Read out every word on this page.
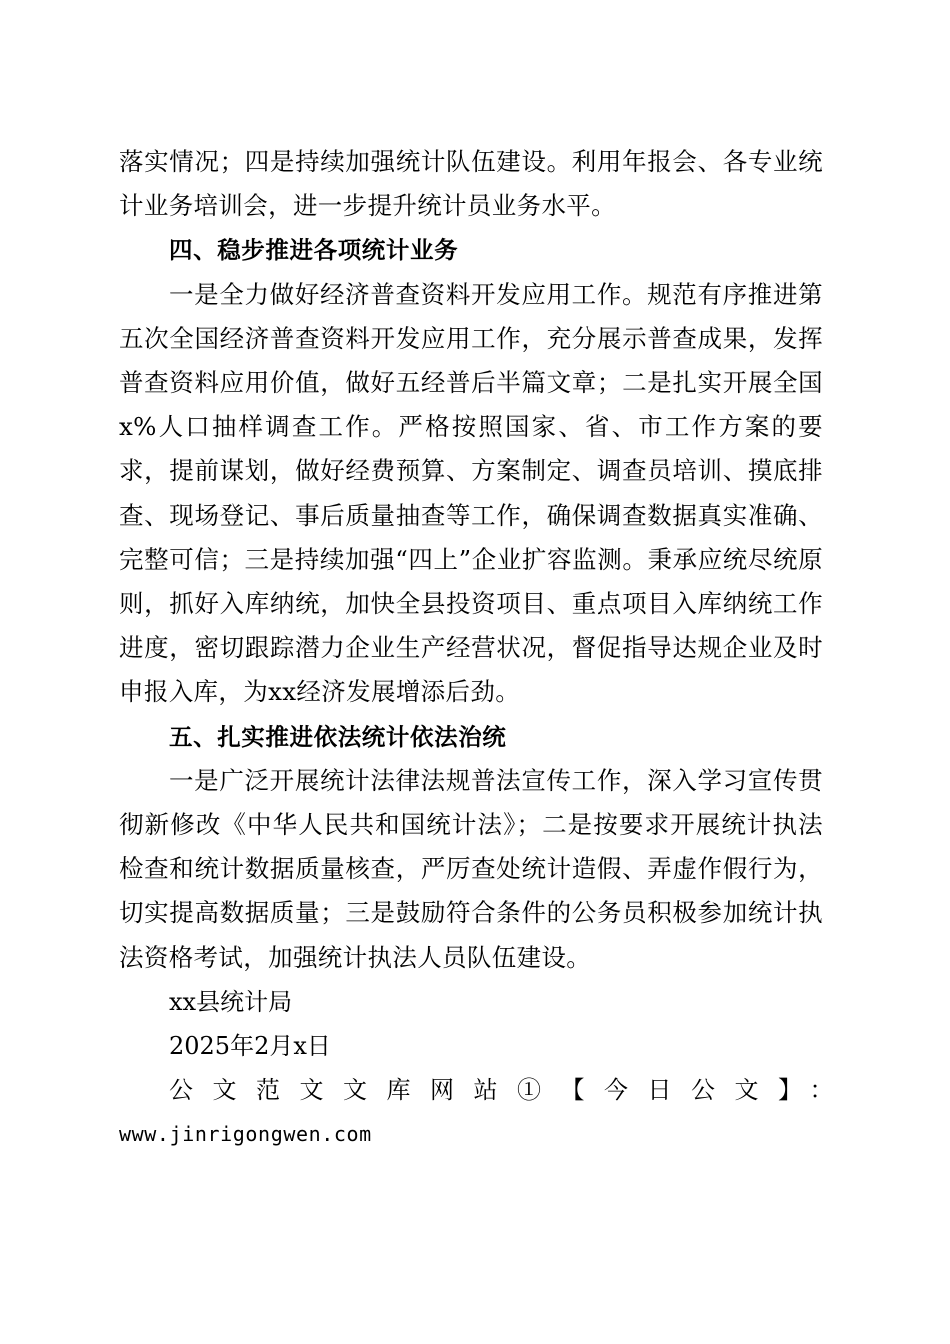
落实情况；四是持续加强统计队伍建设。利用年报会、各专业统计业务培训会，进一步提升统计员业务水平。

四、稳步推进各项统计业务

一是全力做好经济普查资料开发应用工作。规范有序推进第五次全国经济普查资料开发应用工作，充分展示普查成果，发挥普查资料应用价值，做好五经普后半篇文章；二是扎实开展全国x%人口抽样调查工作。严格按照国家、省、市工作方案的要求，提前谋划，做好经费预算、方案制定、调查员培训、摸底排查、现场登记、事后质量抽查等工作，确保调查数据真实准确、完整可信；三是持续加强“四上”企业扩容监测。秉承应统尽统原则，抓好入库纳统，加快全县投资项目、重点项目入库纳统工作进度，密切跟踪潜力企业生产经营状况，督促指导达规企业及时申报入库，为xx经济发展增添后劲。

五、扎实推进依法统计依法治统

一是广泛开展统计法律法规普法宣传工作，深入学习宣传贯彻新修改《中华人民共和国统计法》；二是按要求开展统计执法检查和统计数据质量核查，严厉查处统计造假、弄虚作假行为，切实提高数据质量；三是鼓励符合条件的公务员积极参加统计执法资格考试，加强统计执法人员队伍建设。

xx县统计局

2025年2月x日

公文范文文库网站①【今日公文】：

www.jinrigongwen.com
